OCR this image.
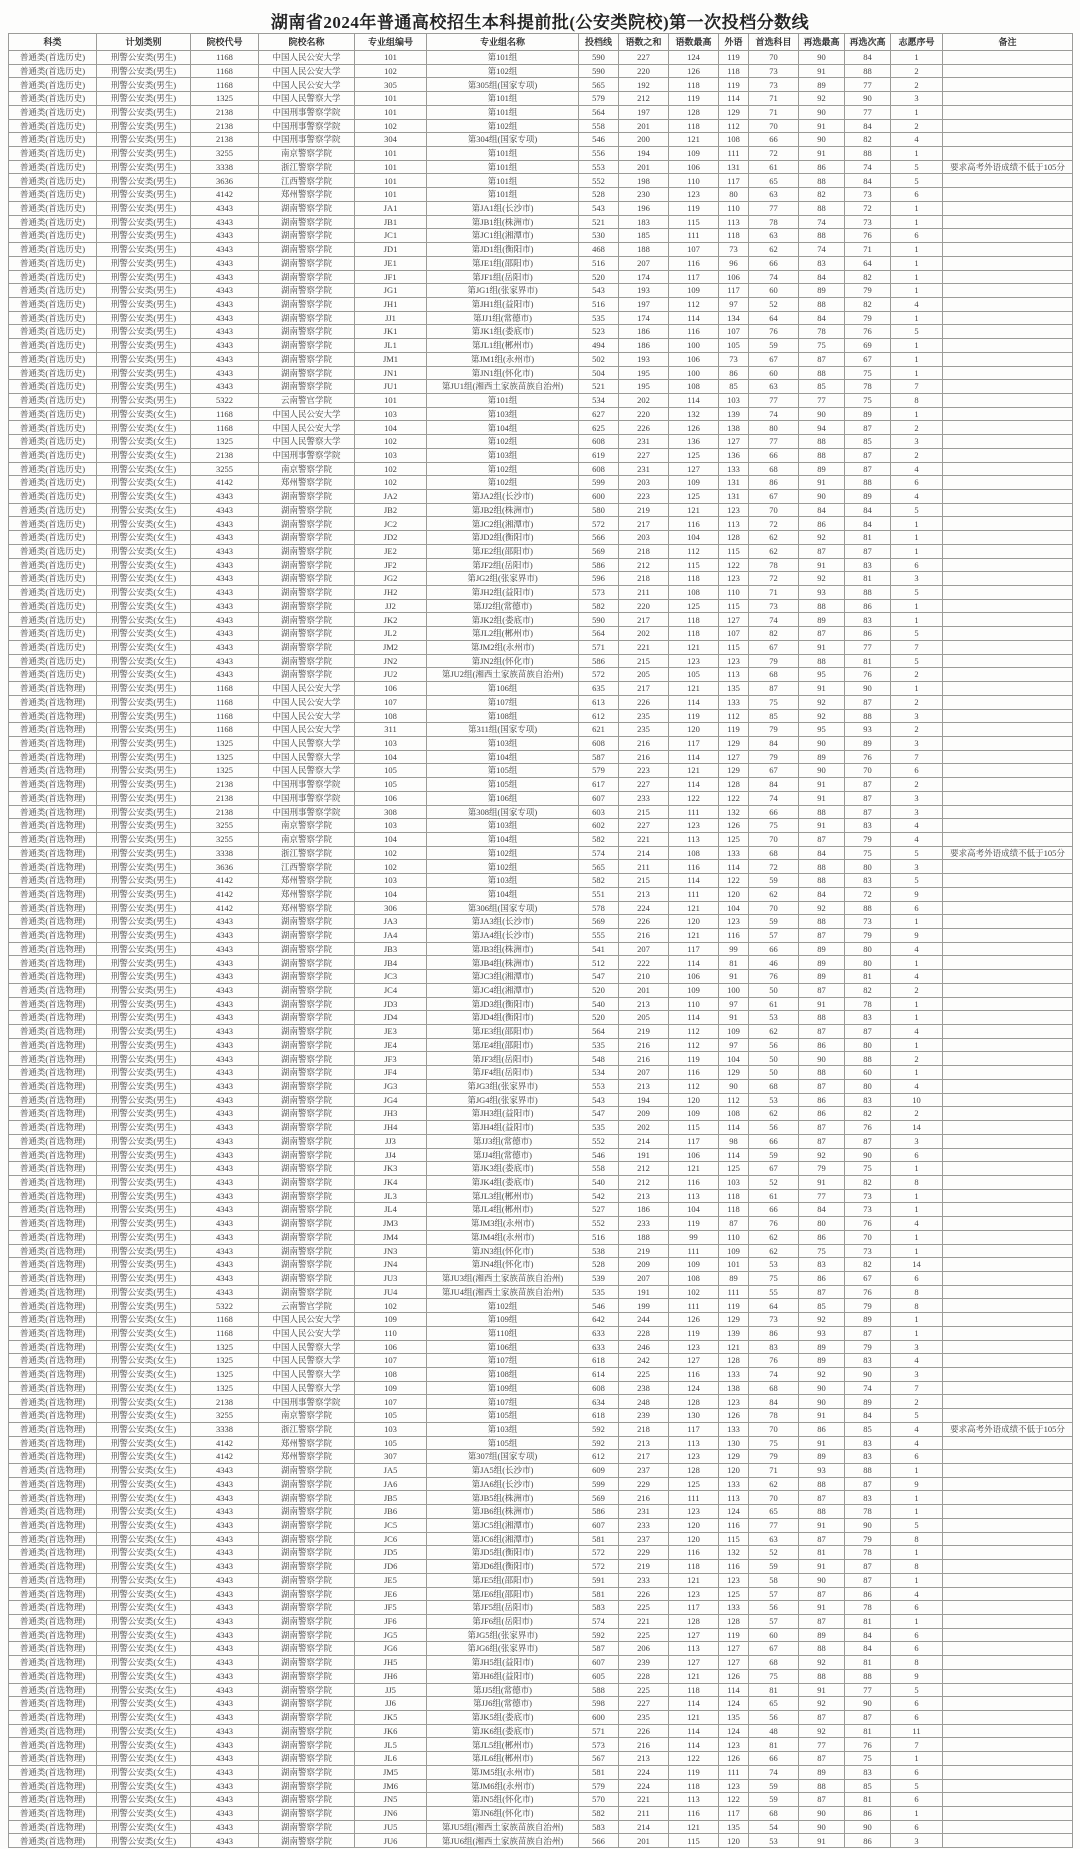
湖南省2024年普通高校招生本科提前批(公安类院校)第一次投档分数线
科类	计划类别	院校代号	院校名称	专业组编号	专业组名称	投档线	语数之和	语数最高	外语	首选科目	再选最高	再选次高	志愿序号	备注
普通类(首选历史)	刑警公安类(男生)	1168	中国人民公安大学	101	第101组	590	227	124	119	70	90	84	1	
普通类(首选历史)	刑警公安类(男生)	1168	中国人民公安大学	102	第102组	590	220	126	118	73	91	88	2	
普通类(首选历史)	刑警公安类(男生)	1168	中国人民公安大学	305	第305组(国家专项)	565	192	118	119	73	89	77	2	
普通类(首选历史)	刑警公安类(男生)	1325	中国人民警察大学	101	第101组	579	212	119	114	71	92	90	3	
普通类(首选历史)	刑警公安类(男生)	2138	中国刑事警察学院	101	第101组	564	197	128	129	71	90	77	1	
普通类(首选历史)	刑警公安类(男生)	2138	中国刑事警察学院	102	第102组	558	201	118	112	70	91	84	2	
普通类(首选历史)	刑警公安类(男生)	2138	中国刑事警察学院	304	第304组(国家专项)	546	200	121	108	66	90	82	4	
普通类(首选历史)	刑警公安类(男生)	3255	南京警察学院	101	第101组	556	194	109	111	72	91	88	1	
普通类(首选历史)	刑警公安类(男生)	3338	浙江警察学院	101	第101组	553	201	106	131	61	86	74	5	要求高考外语成绩不低于105分
普通类(首选历史)	刑警公安类(男生)	3636	江西警察学院	101	第101组	552	198	110	117	65	88	84	5	
普通类(首选历史)	刑警公安类(男生)	4142	郑州警察学院	101	第101组	528	230	123	80	63	82	73	6	
普通类(首选历史)	刑警公安类(男生)	4343	湖南警察学院	JA1	第JA1组(长沙市)	543	196	119	110	77	88	72	1	
普通类(首选历史)	刑警公安类(男生)	4343	湖南警察学院	JB1	第JB1组(株洲市)	521	183	115	113	78	74	73	1	
普通类(首选历史)	刑警公安类(男生)	4343	湖南警察学院	JC1	第JC1组(湘潭市)	530	185	111	118	63	88	76	6	
普通类(首选历史)	刑警公安类(男生)	4343	湖南警察学院	JD1	第JD1组(衡阳市)	468	188	107	73	62	74	71	1	
普通类(首选历史)	刑警公安类(男生)	4343	湖南警察学院	JE1	第JE1组(邵阳市)	516	207	116	96	66	83	64	1	
普通类(首选历史)	刑警公安类(男生)	4343	湖南警察学院	JF1	第JF1组(岳阳市)	520	174	117	106	74	84	82	1	
普通类(首选历史)	刑警公安类(男生)	4343	湖南警察学院	JG1	第JG1组(张家界市)	543	193	109	117	60	89	79	1	
普通类(首选历史)	刑警公安类(男生)	4343	湖南警察学院	JH1	第JH1组(益阳市)	516	197	112	97	52	88	82	4	
普通类(首选历史)	刑警公安类(男生)	4343	湖南警察学院	JJ1	第JJ1组(常德市)	535	174	114	134	64	84	79	1	
普通类(首选历史)	刑警公安类(男生)	4343	湖南警察学院	JK1	第JK1组(娄底市)	523	186	116	107	76	78	76	5	
普通类(首选历史)	刑警公安类(男生)	4343	湖南警察学院	JL1	第JL1组(郴州市)	494	186	100	105	59	75	69	1	
普通类(首选历史)	刑警公安类(男生)	4343	湖南警察学院	JM1	第JM1组(永州市)	502	193	106	73	67	87	67	1	
普通类(首选历史)	刑警公安类(男生)	4343	湖南警察学院	JN1	第JN1组(怀化市)	504	195	100	86	60	88	75	1	
普通类(首选历史)	刑警公安类(男生)	4343	湖南警察学院	JU1	第JU1组(湘西土家族苗族自治州)	521	195	108	85	63	85	78	7	
普通类(首选历史)	刑警公安类(男生)	5322	云南警官学院	101	第101组	534	202	114	103	77	77	75	8	
普通类(首选历史)	刑警公安类(女生)	1168	中国人民公安大学	103	第103组	627	220	132	139	74	90	89	1	
普通类(首选历史)	刑警公安类(女生)	1168	中国人民公安大学	104	第104组	625	226	126	138	80	94	87	2	
普通类(首选历史)	刑警公安类(女生)	1325	中国人民警察大学	102	第102组	608	231	136	127	77	88	85	3	
普通类(首选历史)	刑警公安类(女生)	2138	中国刑事警察学院	103	第103组	619	227	125	136	66	88	87	2	
普通类(首选历史)	刑警公安类(女生)	3255	南京警察学院	102	第102组	608	231	127	133	68	89	87	4	
普通类(首选历史)	刑警公安类(女生)	4142	郑州警察学院	102	第102组	599	203	109	131	86	91	88	6	
普通类(首选历史)	刑警公安类(女生)	4343	湖南警察学院	JA2	第JA2组(长沙市)	600	223	125	131	67	90	89	4	
普通类(首选历史)	刑警公安类(女生)	4343	湖南警察学院	JB2	第JB2组(株洲市)	580	219	121	123	70	84	84	5	
普通类(首选历史)	刑警公安类(女生)	4343	湖南警察学院	JC2	第JC2组(湘潭市)	572	217	116	113	72	86	84	1	
普通类(首选历史)	刑警公安类(女生)	4343	湖南警察学院	JD2	第JD2组(衡阳市)	566	203	104	128	62	92	81	1	
普通类(首选历史)	刑警公安类(女生)	4343	湖南警察学院	JE2	第JE2组(邵阳市)	569	218	112	115	62	87	87	1	
普通类(首选历史)	刑警公安类(女生)	4343	湖南警察学院	JF2	第JF2组(岳阳市)	586	212	115	122	78	91	83	6	
普通类(首选历史)	刑警公安类(女生)	4343	湖南警察学院	JG2	第JG2组(张家界市)	596	218	118	123	72	92	81	3	
普通类(首选历史)	刑警公安类(女生)	4343	湖南警察学院	JH2	第JH2组(益阳市)	573	211	108	110	71	93	88	5	
普通类(首选历史)	刑警公安类(女生)	4343	湖南警察学院	JJ2	第JJ2组(常德市)	582	220	125	115	73	88	86	1	
普通类(首选历史)	刑警公安类(女生)	4343	湖南警察学院	JK2	第JK2组(娄底市)	590	217	118	127	74	89	83	1	
普通类(首选历史)	刑警公安类(女生)	4343	湖南警察学院	JL2	第JL2组(郴州市)	564	202	118	107	82	87	86	5	
普通类(首选历史)	刑警公安类(女生)	4343	湖南警察学院	JM2	第JM2组(永州市)	571	221	121	115	67	91	77	7	
普通类(首选历史)	刑警公安类(女生)	4343	湖南警察学院	JN2	第JN2组(怀化市)	586	215	123	123	79	88	81	5	
普通类(首选历史)	刑警公安类(女生)	4343	湖南警察学院	JU2	第JU2组(湘西土家族苗族自治州)	572	205	105	113	68	95	76	2	
普通类(首选物理)	刑警公安类(男生)	1168	中国人民公安大学	106	第106组	635	217	121	135	87	91	90	1	
普通类(首选物理)	刑警公安类(男生)	1168	中国人民公安大学	107	第107组	613	226	114	133	75	92	87	2	
普通类(首选物理)	刑警公安类(男生)	1168	中国人民公安大学	108	第108组	612	235	119	112	85	92	88	3	
普通类(首选物理)	刑警公安类(男生)	1168	中国人民公安大学	311	第311组(国家专项)	621	235	120	119	79	95	93	2	
普通类(首选物理)	刑警公安类(男生)	1325	中国人民警察大学	103	第103组	608	216	117	129	84	90	89	3	
普通类(首选物理)	刑警公安类(男生)	1325	中国人民警察大学	104	第104组	587	216	114	127	79	89	76	7	
普通类(首选物理)	刑警公安类(男生)	1325	中国人民警察大学	105	第105组	579	223	121	129	67	90	70	6	
普通类(首选物理)	刑警公安类(男生)	2138	中国刑事警察学院	105	第105组	617	227	114	128	84	91	87	2	
普通类(首选物理)	刑警公安类(男生)	2138	中国刑事警察学院	106	第106组	607	233	122	122	74	91	87	3	
普通类(首选物理)	刑警公安类(男生)	2138	中国刑事警察学院	308	第308组(国家专项)	603	215	111	132	66	88	87	3	
普通类(首选物理)	刑警公安类(男生)	3255	南京警察学院	103	第103组	602	227	123	126	75	91	83	4	
普通类(首选物理)	刑警公安类(男生)	3255	南京警察学院	104	第104组	582	221	113	125	70	87	79	4	
普通类(首选物理)	刑警公安类(男生)	3338	浙江警察学院	102	第102组	574	214	108	133	68	84	75	5	要求高考外语成绩不低于105分
普通类(首选物理)	刑警公安类(男生)	3636	江西警察学院	102	第102组	565	211	116	114	72	88	80	3	
普通类(首选物理)	刑警公安类(男生)	4142	郑州警察学院	103	第103组	582	215	114	122	59	88	83	5	
普通类(首选物理)	刑警公安类(男生)	4142	郑州警察学院	104	第104组	551	213	111	120	62	84	72	9	
普通类(首选物理)	刑警公安类(男生)	4142	郑州警察学院	306	第306组(国家专项)	578	224	121	104	70	92	88	6	
普通类(首选物理)	刑警公安类(男生)	4343	湖南警察学院	JA3	第JA3组(长沙市)	569	226	120	123	59	88	73	1	
普通类(首选物理)	刑警公安类(男生)	4343	湖南警察学院	JA4	第JA4组(长沙市)	555	216	121	116	57	87	79	9	
普通类(首选物理)	刑警公安类(男生)	4343	湖南警察学院	JB3	第JB3组(株洲市)	541	207	117	99	66	89	80	4	
普通类(首选物理)	刑警公安类(男生)	4343	湖南警察学院	JB4	第JB4组(株洲市)	512	222	114	81	46	89	80	1	
普通类(首选物理)	刑警公安类(男生)	4343	湖南警察学院	JC3	第JC3组(湘潭市)	547	210	106	91	76	89	81	4	
普通类(首选物理)	刑警公安类(男生)	4343	湖南警察学院	JC4	第JC4组(湘潭市)	520	201	109	100	50	87	82	2	
普通类(首选物理)	刑警公安类(男生)	4343	湖南警察学院	JD3	第JD3组(衡阳市)	540	213	110	97	61	91	78	1	
普通类(首选物理)	刑警公安类(男生)	4343	湖南警察学院	JD4	第JD4组(衡阳市)	520	205	114	91	53	88	83	1	
普通类(首选物理)	刑警公安类(男生)	4343	湖南警察学院	JE3	第JE3组(邵阳市)	564	219	112	109	62	87	87	4	
普通类(首选物理)	刑警公安类(男生)	4343	湖南警察学院	JE4	第JE4组(邵阳市)	535	216	112	97	56	86	80	1	
普通类(首选物理)	刑警公安类(男生)	4343	湖南警察学院	JF3	第JF3组(岳阳市)	548	216	119	104	50	90	88	2	
普通类(首选物理)	刑警公安类(男生)	4343	湖南警察学院	JF4	第JF4组(岳阳市)	534	207	116	129	50	88	60	1	
普通类(首选物理)	刑警公安类(男生)	4343	湖南警察学院	JG3	第JG3组(张家界市)	553	213	112	90	68	87	80	4	
普通类(首选物理)	刑警公安类(男生)	4343	湖南警察学院	JG4	第JG4组(张家界市)	543	194	120	112	53	86	83	10	
普通类(首选物理)	刑警公安类(男生)	4343	湖南警察学院	JH3	第JH3组(益阳市)	547	209	109	108	62	86	82	2	
普通类(首选物理)	刑警公安类(男生)	4343	湖南警察学院	JH4	第JH4组(益阳市)	535	202	115	114	56	87	76	14	
普通类(首选物理)	刑警公安类(男生)	4343	湖南警察学院	JJ3	第JJ3组(常德市)	552	214	117	98	66	87	87	3	
普通类(首选物理)	刑警公安类(男生)	4343	湖南警察学院	JJ4	第JJ4组(常德市)	546	191	106	114	59	92	90	6	
普通类(首选物理)	刑警公安类(男生)	4343	湖南警察学院	JK3	第JK3组(娄底市)	558	212	121	125	67	79	75	1	
普通类(首选物理)	刑警公安类(男生)	4343	湖南警察学院	JK4	第JK4组(娄底市)	540	212	116	103	52	91	82	8	
普通类(首选物理)	刑警公安类(男生)	4343	湖南警察学院	JL3	第JL3组(郴州市)	542	213	113	118	61	77	73	1	
普通类(首选物理)	刑警公安类(男生)	4343	湖南警察学院	JL4	第JL4组(郴州市)	527	186	104	118	66	84	73	1	
普通类(首选物理)	刑警公安类(男生)	4343	湖南警察学院	JM3	第JM3组(永州市)	552	233	119	87	76	80	76	4	
普通类(首选物理)	刑警公安类(男生)	4343	湖南警察学院	JM4	第JM4组(永州市)	516	188	99	110	62	86	70	1	
普通类(首选物理)	刑警公安类(男生)	4343	湖南警察学院	JN3	第JN3组(怀化市)	538	219	111	109	62	75	73	1	
普通类(首选物理)	刑警公安类(男生)	4343	湖南警察学院	JN4	第JN4组(怀化市)	528	209	109	101	53	83	82	14	
普通类(首选物理)	刑警公安类(男生)	4343	湖南警察学院	JU3	第JU3组(湘西土家族苗族自治州)	539	207	108	89	75	86	67	6	
普通类(首选物理)	刑警公安类(男生)	4343	湖南警察学院	JU4	第JU4组(湘西土家族苗族自治州)	535	191	102	111	55	87	76	8	
普通类(首选物理)	刑警公安类(男生)	5322	云南警官学院	102	第102组	546	199	111	119	64	85	79	8	
普通类(首选物理)	刑警公安类(女生)	1168	中国人民公安大学	109	第109组	642	244	126	129	73	92	89	1	
普通类(首选物理)	刑警公安类(女生)	1168	中国人民公安大学	110	第110组	633	228	119	139	86	93	87	1	
普通类(首选物理)	刑警公安类(女生)	1325	中国人民警察大学	106	第106组	633	246	123	121	83	89	79	3	
普通类(首选物理)	刑警公安类(女生)	1325	中国人民警察大学	107	第107组	618	242	127	128	76	89	83	4	
普通类(首选物理)	刑警公安类(女生)	1325	中国人民警察大学	108	第108组	614	225	116	133	74	92	90	3	
普通类(首选物理)	刑警公安类(女生)	1325	中国人民警察大学	109	第109组	608	238	124	138	68	90	74	7	
普通类(首选物理)	刑警公安类(女生)	2138	中国刑事警察学院	107	第107组	634	248	128	123	84	90	89	2	
普通类(首选物理)	刑警公安类(女生)	3255	南京警察学院	105	第105组	618	239	130	126	78	91	84	5	
普通类(首选物理)	刑警公安类(女生)	3338	浙江警察学院	103	第103组	592	218	117	133	70	86	85	4	要求高考外语成绩不低于105分
普通类(首选物理)	刑警公安类(女生)	4142	郑州警察学院	105	第105组	592	213	113	130	75	91	83	4	
普通类(首选物理)	刑警公安类(女生)	4142	郑州警察学院	307	第307组(国家专项)	612	217	123	129	79	89	83	6	
普通类(首选物理)	刑警公安类(女生)	4343	湖南警察学院	JA5	第JA5组(长沙市)	609	237	128	120	71	93	88	1	
普通类(首选物理)	刑警公安类(女生)	4343	湖南警察学院	JA6	第JA6组(长沙市)	599	229	125	133	62	88	87	9	
普通类(首选物理)	刑警公安类(女生)	4343	湖南警察学院	JB5	第JB5组(株洲市)	569	216	111	113	70	87	83	1	
普通类(首选物理)	刑警公安类(女生)	4343	湖南警察学院	JB6	第JB6组(株洲市)	586	231	123	124	65	88	78	1	
普通类(首选物理)	刑警公安类(女生)	4343	湖南警察学院	JC5	第JC5组(湘潭市)	607	233	120	116	77	91	90	5	
普通类(首选物理)	刑警公安类(女生)	4343	湖南警察学院	JC6	第JC6组(湘潭市)	581	237	120	115	63	87	79	8	
普通类(首选物理)	刑警公安类(女生)	4343	湖南警察学院	JD5	第JD5组(衡阳市)	572	229	116	132	52	81	78	1	
普通类(首选物理)	刑警公安类(女生)	4343	湖南警察学院	JD6	第JD6组(衡阳市)	572	219	118	116	59	91	87	8	
普通类(首选物理)	刑警公安类(女生)	4343	湖南警察学院	JE5	第JE5组(邵阳市)	591	233	121	123	58	90	87	1	
普通类(首选物理)	刑警公安类(女生)	4343	湖南警察学院	JE6	第JE6组(邵阳市)	581	226	123	125	57	87	86	4	
普通类(首选物理)	刑警公安类(女生)	4343	湖南警察学院	JF5	第JF5组(岳阳市)	583	225	117	133	56	91	78	6	
普通类(首选物理)	刑警公安类(女生)	4343	湖南警察学院	JF6	第JF6组(岳阳市)	574	221	128	128	57	87	81	1	
普通类(首选物理)	刑警公安类(女生)	4343	湖南警察学院	JG5	第JG5组(张家界市)	592	225	127	119	60	89	84	6	
普通类(首选物理)	刑警公安类(女生)	4343	湖南警察学院	JG6	第JG6组(张家界市)	587	206	113	127	67	88	84	6	
普通类(首选物理)	刑警公安类(女生)	4343	湖南警察学院	JH5	第JH5组(益阳市)	607	239	127	127	68	92	81	8	
普通类(首选物理)	刑警公安类(女生)	4343	湖南警察学院	JH6	第JH6组(益阳市)	605	228	121	126	75	88	88	9	
普通类(首选物理)	刑警公安类(女生)	4343	湖南警察学院	JJ5	第JJ5组(常德市)	588	225	118	114	81	91	77	5	
普通类(首选物理)	刑警公安类(女生)	4343	湖南警察学院	JJ6	第JJ6组(常德市)	598	227	114	124	65	92	90	6	
普通类(首选物理)	刑警公安类(女生)	4343	湖南警察学院	JK5	第JK5组(娄底市)	600	235	121	135	56	87	87	6	
普通类(首选物理)	刑警公安类(女生)	4343	湖南警察学院	JK6	第JK6组(娄底市)	571	226	114	124	48	92	81	11	
普通类(首选物理)	刑警公安类(女生)	4343	湖南警察学院	JL5	第JL5组(郴州市)	573	216	114	123	81	77	76	7	
普通类(首选物理)	刑警公安类(女生)	4343	湖南警察学院	JL6	第JL6组(郴州市)	567	213	122	126	66	87	75	1	
普通类(首选物理)	刑警公安类(女生)	4343	湖南警察学院	JM5	第JM5组(永州市)	581	224	119	111	74	89	83	6	
普通类(首选物理)	刑警公安类(女生)	4343	湖南警察学院	JM6	第JM6组(永州市)	579	224	118	123	59	88	85	5	
普通类(首选物理)	刑警公安类(女生)	4343	湖南警察学院	JN5	第JN5组(怀化市)	570	221	113	122	59	87	81	6	
普通类(首选物理)	刑警公安类(女生)	4343	湖南警察学院	JN6	第JN6组(怀化市)	582	211	116	117	68	90	86	1	
普通类(首选物理)	刑警公安类(女生)	4343	湖南警察学院	JU5	第JU5组(湘西土家族苗族自治州)	583	214	121	135	54	90	90	6	
普通类(首选物理)	刑警公安类(女生)	4343	湖南警察学院	JU6	第JU6组(湘西土家族苗族自治州)	566	201	115	120	53	91	86	3	
